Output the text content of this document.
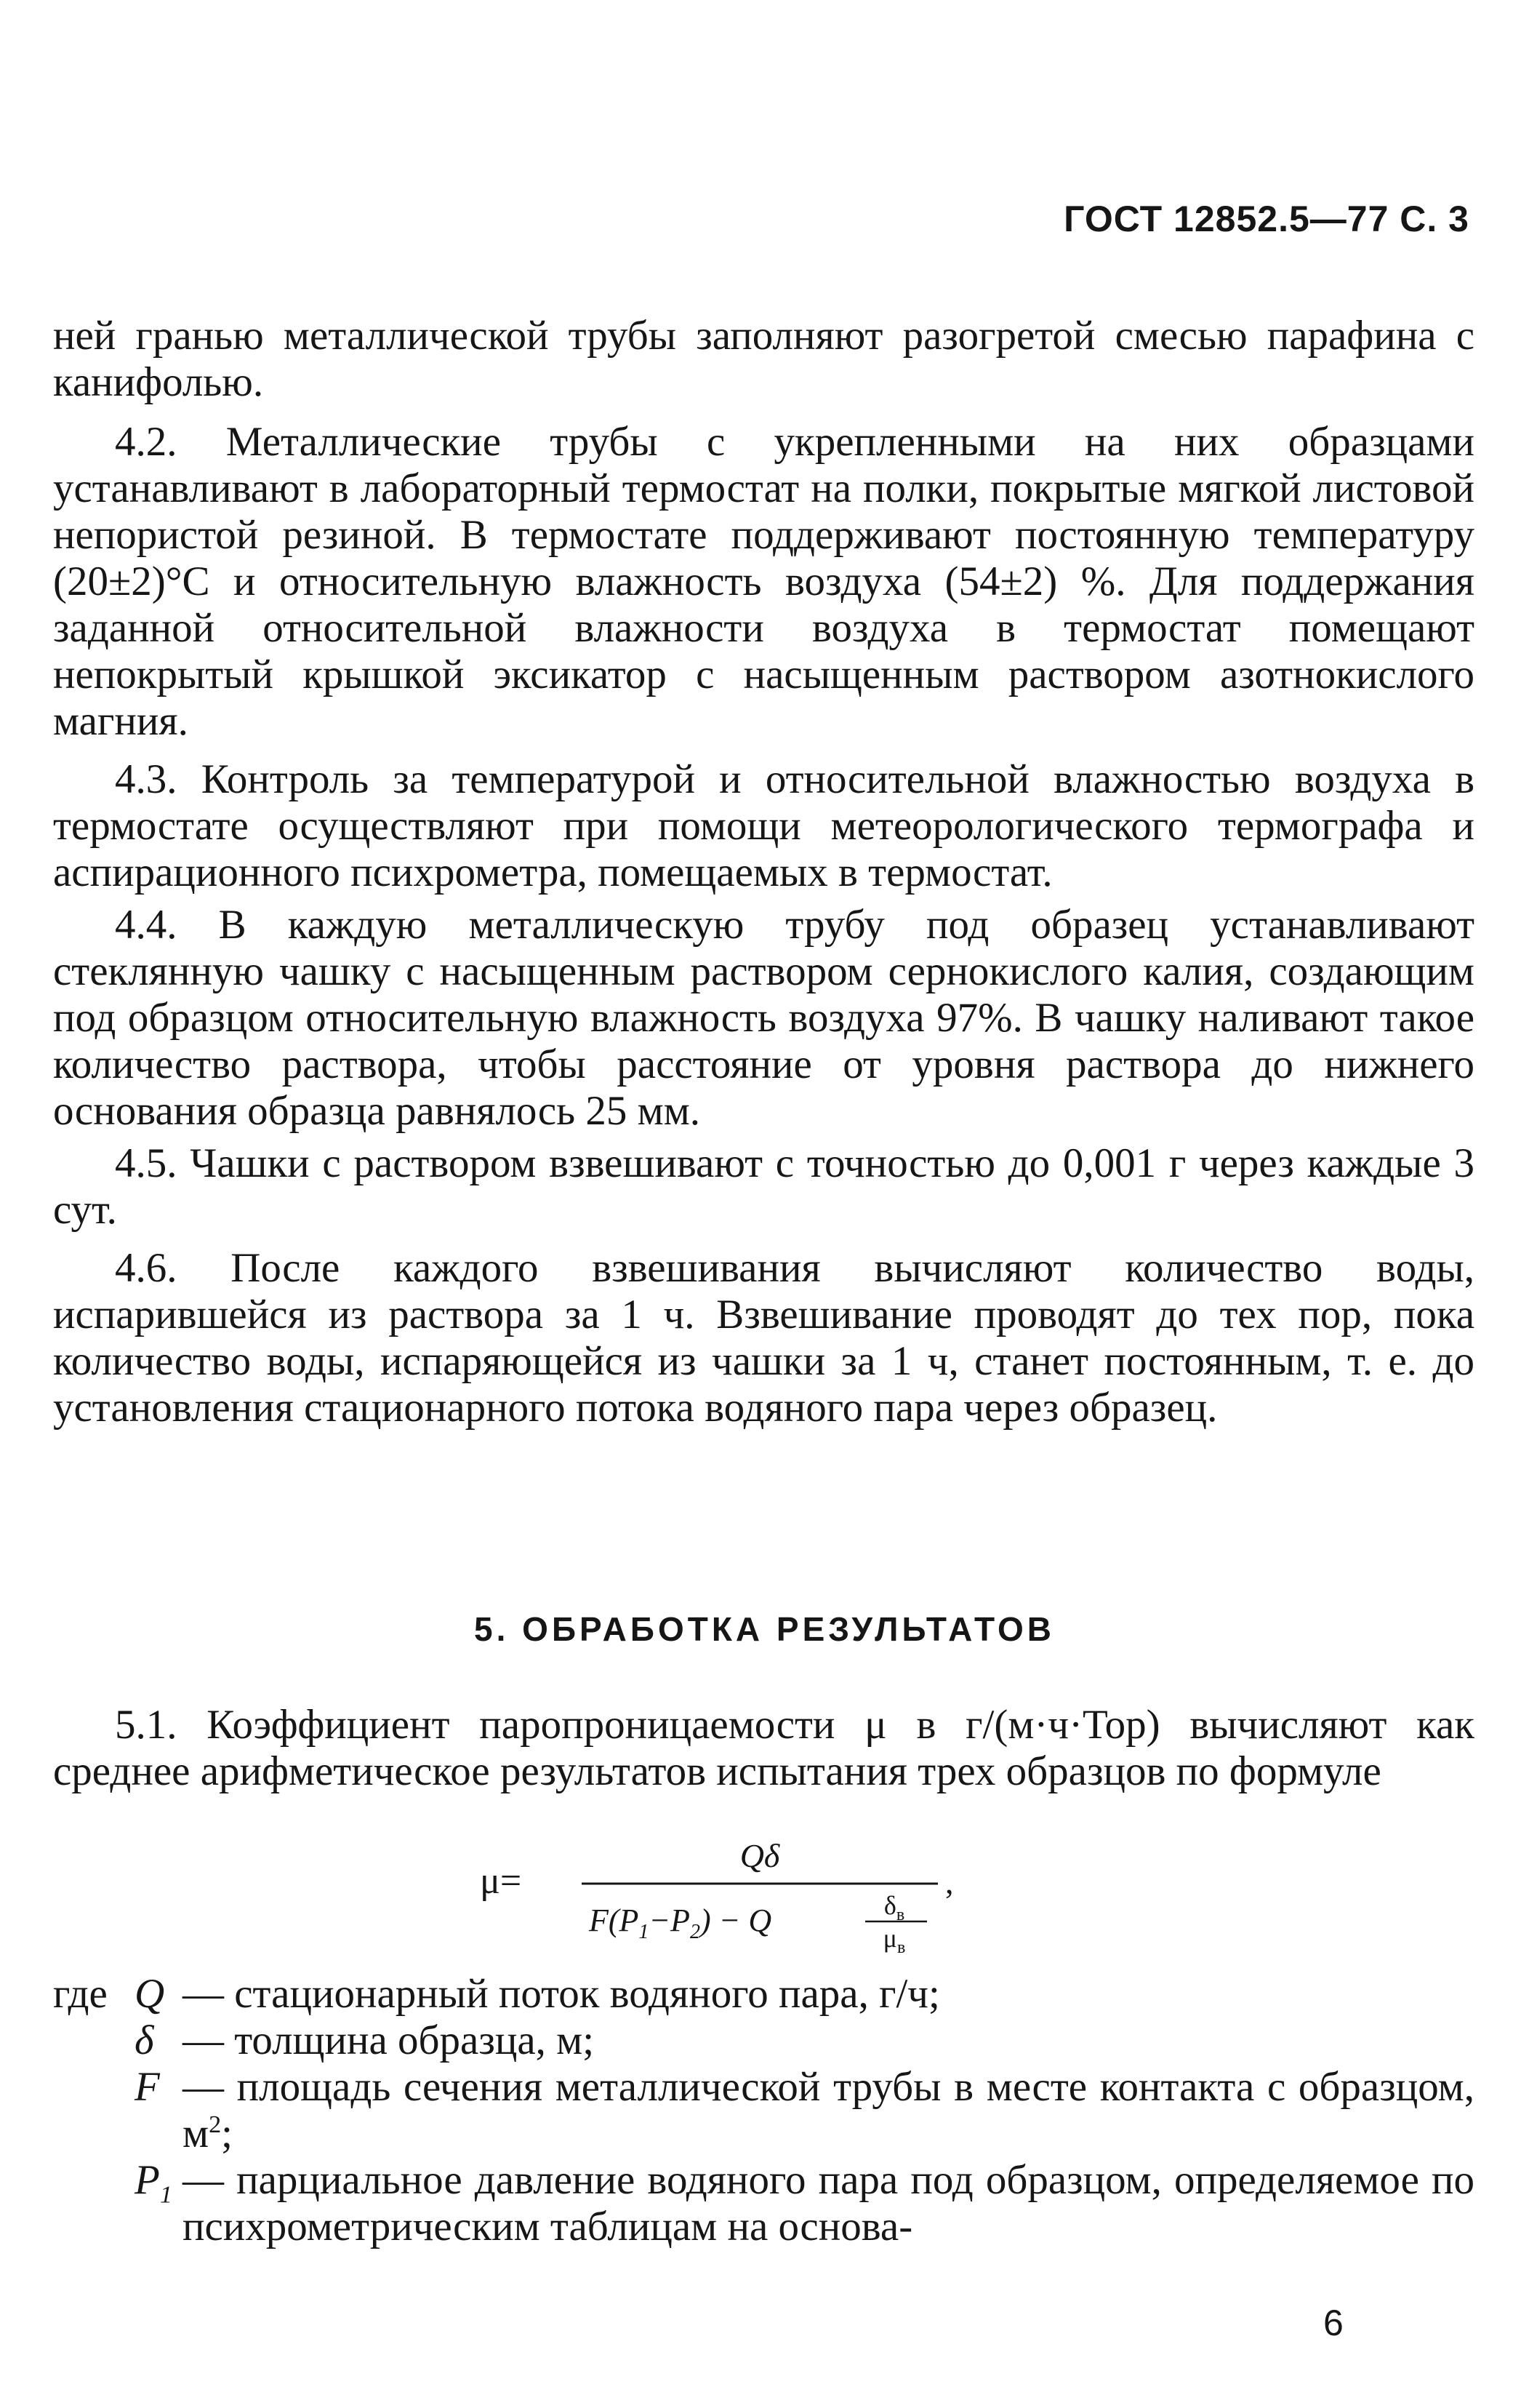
ГОСТ 12852.5—77 С. 3

ней гранью металлической трубы заполняют разогретой смесью парафина с канифолью.

4.2. Металлические трубы с укрепленными на них образцами устанавливают в лабораторный термостат на полки, покрытые мягкой листовой непористой резиной. В термостате поддерживают постоянную температуру (20±2)°С и относительную влажность воздуха (54±2) %. Для поддержания заданной относительной влажности воздуха в термостат помещают непокрытый крышкой эксикатор с насыщенным раствором азотнокислого магния.

4.3. Контроль за температурой и относительной влажностью воздуха в термостате осуществляют при помощи метеорологического термографа и аспирационного психрометра, помещаемых в термостат.

4.4. В каждую металлическую трубу под образец устанавливают стеклянную чашку с насыщенным раствором сернокислого калия, создающим под образцом относительную влажность воздуха 97%. В чашку наливают такое количество раствора, чтобы расстояние от уровня раствора до нижнего основания образца равнялось 25 мм.

4.5. Чашки с раствором взвешивают с точностью до 0,001 г через каждые 3 сут.

4.6. После каждого взвешивания вычисляют количество воды, испарившейся из раствора за 1 ч. Взвешивание проводят до тех пор, пока количество воды, испаряющейся из чашки за 1 ч, станет постоянным, т. е. до установления стационарного потока водяного пара через образец.

5. ОБРАБОТКА РЕЗУЛЬТАТОВ

5.1. Коэффициент паропроницаемости μ в г/(м·ч·Тор) вычисляют как среднее арифметическое результатов испытания трех образцов по формуле

μ=
Qδ
$F(P_1-P_2) - Q$	$\delta_в$
$\mu_в$
,
где Q — стационарный поток водяного пара, г/ч;
δ — толщина образца, м;
F — площадь сечения металлической трубы в месте контакта с образцом, $м^2$;
$P_1$ — парциальное давление водяного пара под образцом, определяемое по психрометрическим таблицам на основа-
6
